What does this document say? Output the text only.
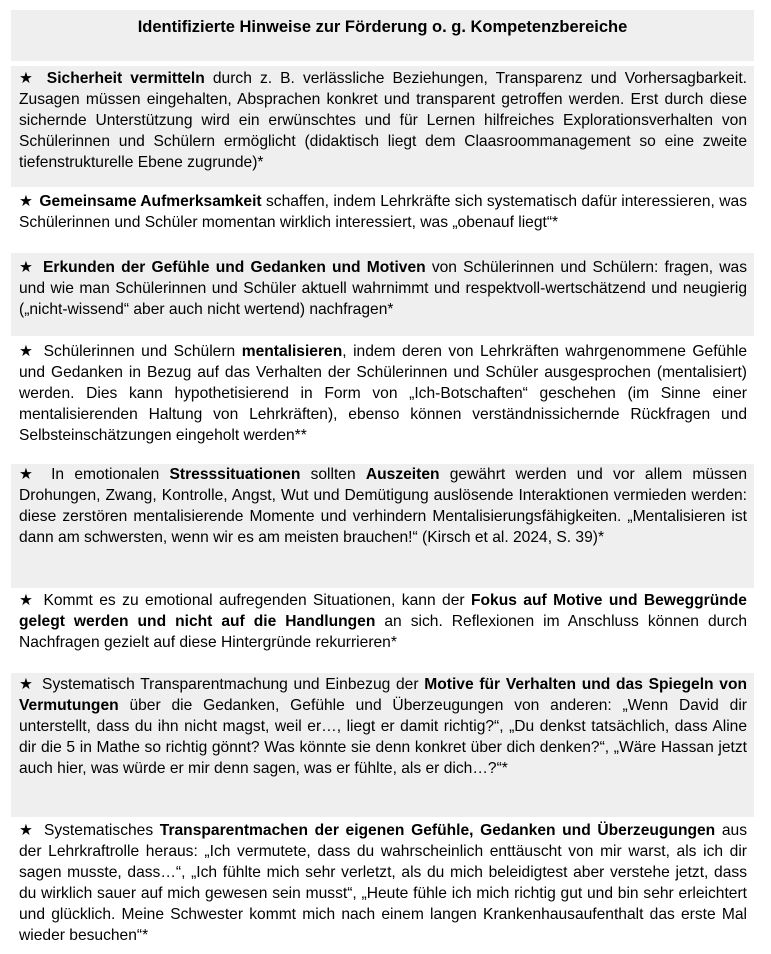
Identifizierte Hinweise zur Förderung o. g. Kompetenzbereiche
★ Sicherheit vermitteln durch z. B. verlässliche Beziehungen, Transparenz und Vorhersagbarkeit. Zusagen müssen eingehalten, Absprachen konkret und transparent getroffen werden. Erst durch diese sichernde Unterstützung wird ein erwünschtes und für Lernen hilfreiches Explorationsverhalten von Schülerinnen und Schülern ermöglicht (didaktisch liegt dem Claasroommanagement so eine zweite tiefenstrukturelle Ebene zugrunde)*
★ Gemeinsame Aufmerksamkeit schaffen, indem Lehrkräfte sich systematisch dafür interessieren, was Schülerinnen und Schüler momentan wirklich interessiert, was „obenauf liegt“*
★ Erkunden der Gefühle und Gedanken und Motiven von Schülerinnen und Schülern: fragen, was und wie man Schülerinnen und Schüler aktuell wahrnimmt und respektvoll-wertschätzend und neugierig („nicht-wissend“ aber auch nicht wertend) nachfragen*
★ Schülerinnen und Schülern mentalisieren, indem deren von Lehrkräften wahrgenommene Gefühle und Gedanken in Bezug auf das Verhalten der Schülerinnen und Schüler ausgesprochen (mentalisiert) werden. Dies kann hypothetisierend in Form von „Ich-Botschaften“ geschehen (im Sinne einer mentalisierenden Haltung von Lehrkräften), ebenso können verständnissichernde Rückfragen und Selbsteinschätzungen eingeholt werden**
★ In emotionalen Stresssituationen sollten Auszeiten gewährt werden und vor allem müssen Drohungen, Zwang, Kontrolle, Angst, Wut und Demütigung auslösende Interaktionen vermieden werden: diese zerstören mentalisierende Momente und verhindern Mentalisierungsfähigkeiten. „Mentalisieren ist dann am schwersten, wenn wir es am meisten brauchen!“ (Kirsch et al. 2024, S. 39)*
★ Kommt es zu emotional aufregenden Situationen, kann der Fokus auf Motive und Beweggründe gelegt werden und nicht auf die Handlungen an sich. Reflexionen im Anschluss können durch Nachfragen gezielt auf diese Hintergründe rekurrieren*
★ Systematisch Transparentmachung und Einbezug der Motive für Verhalten und das Spiegeln von Vermutungen über die Gedanken, Gefühle und Überzeugungen von anderen: „Wenn David dir unterstellt, dass du ihn nicht magst, weil er…, liegt er damit richtig?“, „Du denkst tatsächlich, dass Aline dir die 5 in Mathe so richtig gönnt? Was könnte sie denn konkret über dich denken?“, „Wäre Hassan jetzt auch hier, was würde er mir denn sagen, was er fühlte, als er dich…?“*
★ Systematisches Transparentmachen der eigenen Gefühle, Gedanken und Überzeugungen aus der Lehrkraftrolle heraus: „Ich vermutete, dass du wahrscheinlich enttäuscht von mir warst, als ich dir sagen musste, dass…“, „Ich fühlte mich sehr verletzt, als du mich beleidigtest aber verstehe jetzt, dass du wirklich sauer auf mich gewesen sein musst“, „Heute fühle ich mich richtig gut und bin sehr erleichtert und glücklich. Meine Schwester kommt mich nach einem langen Krankenhausaufenthalt das erste Mal wieder besuchen“*
